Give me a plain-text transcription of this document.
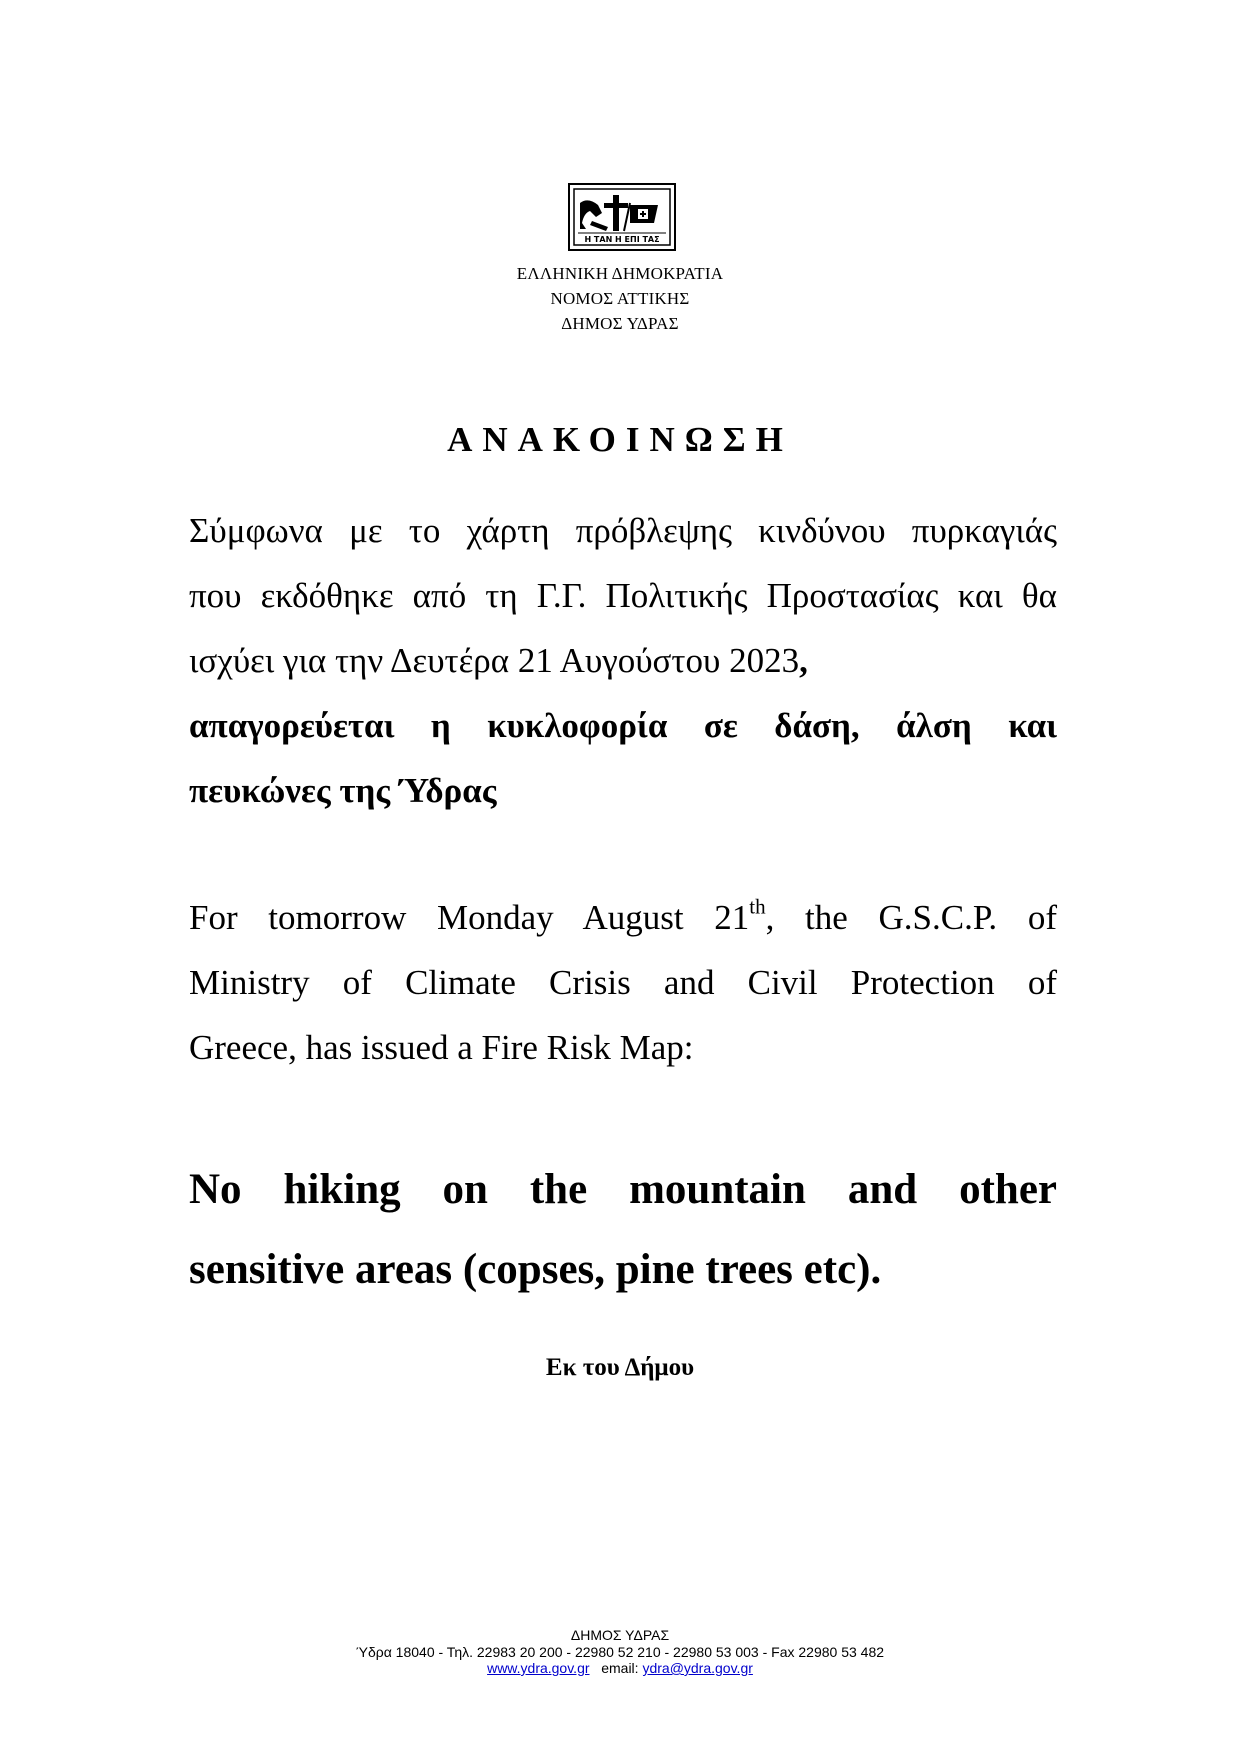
Η ΤΑΝ Η ΕΠΙ ΤΑΣ
ΕΛΛΗΝΙΚΗ ΔΗΜΟΚΡΑΤΙΑ
ΝΟΜΟΣ ΑΤΤΙΚΗΣ
ΔΗΜΟΣ ΥΔΡΑΣ
ΑΝΑΚΟΙΝΩΣΗ

Σύμφωνα με το χάρτη πρόβλεψης κινδύνου πυρκαγιάς
που εκδόθηκε από τη Γ.Γ. Πολιτικής Προστασίας και θα
ισχύει για την Δευτέρα 21 Αυγούστου 2023,
απαγορεύεται η κυκλοφορία σε δάση, άλση και
πευκώνες της Ύδρας

For tomorrow Monday August 21th, the G.S.C.P. of
Ministry of Climate Crisis and Civil Protection of
Greece, has issued a Fire Risk Map:

No hiking on the mountain and other
sensitive areas (copses, pine trees etc).

Εκ του Δήμου

ΔΗΜΟΣ ΥΔΡΑΣ
Ύδρα 18040 - Τηλ. 22983 20 200 - 22980 52 210 - 22980 53 003 - Fax 22980 53 482
www.ydra.gov.gr email: ydra@ydra.gov.gr
